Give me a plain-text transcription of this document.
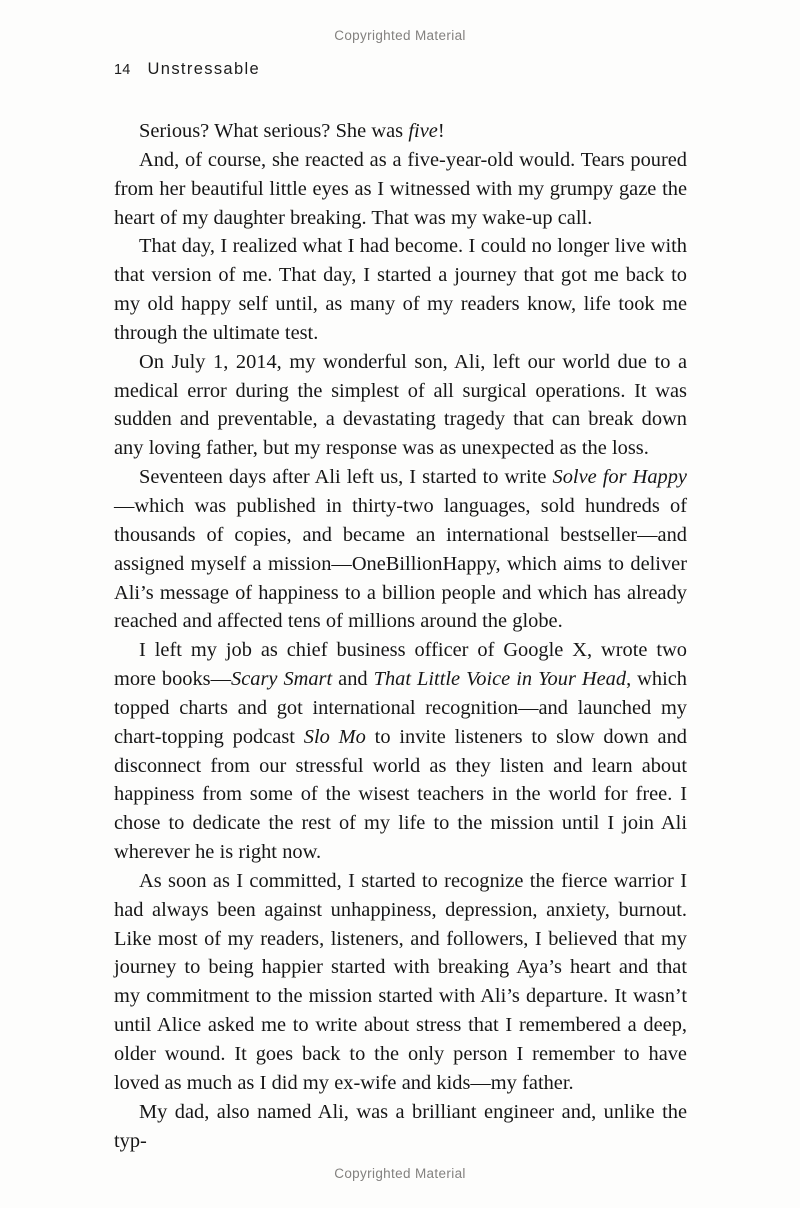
Copyrighted Material
14 Unstressable

Serious? What serious? She was five!

And, of course, she reacted as a five-year-old would. Tears poured from her beautiful little eyes as I witnessed with my grumpy gaze the heart of my daughter breaking. That was my wake-up call.

That day, I realized what I had become. I could no longer live with that version of me. That day, I started a journey that got me back to my old happy self until, as many of my readers know, life took me through the ultimate test.

On July 1, 2014, my wonderful son, Ali, left our world due to a medical error during the simplest of all surgical operations. It was sudden and preventable, a devastating tragedy that can break down any loving father, but my response was as unexpected as the loss.

Seventeen days after Ali left us, I started to write Solve for Happy—which was published in thirty-two languages, sold hundreds of thousands of copies, and became an international bestseller—and assigned myself a mission—OneBillionHappy, which aims to deliver Ali’s message of happiness to a billion people and which has already reached and affected tens of millions around the globe.

I left my job as chief business officer of Google X, wrote two more books—Scary Smart and That Little Voice in Your Head, which topped charts and got international recognition—and launched my chart-topping podcast Slo Mo to invite listeners to slow down and disconnect from our stressful world as they listen and learn about happiness from some of the wisest teachers in the world for free. I chose to dedicate the rest of my life to the mission until I join Ali wherever he is right now.

As soon as I committed, I started to recognize the fierce warrior I had always been against unhappiness, depression, anxiety, burnout. Like most of my readers, listeners, and followers, I believed that my journey to being happier started with breaking Aya’s heart and that my commitment to the mission started with Ali’s departure. It wasn’t until Alice asked me to write about stress that I remembered a deep, older wound. It goes back to the only person I remember to have loved as much as I did my ex-wife and kids—my father.

My dad, also named Ali, was a brilliant engineer and, unlike the typ-

Copyrighted Material
